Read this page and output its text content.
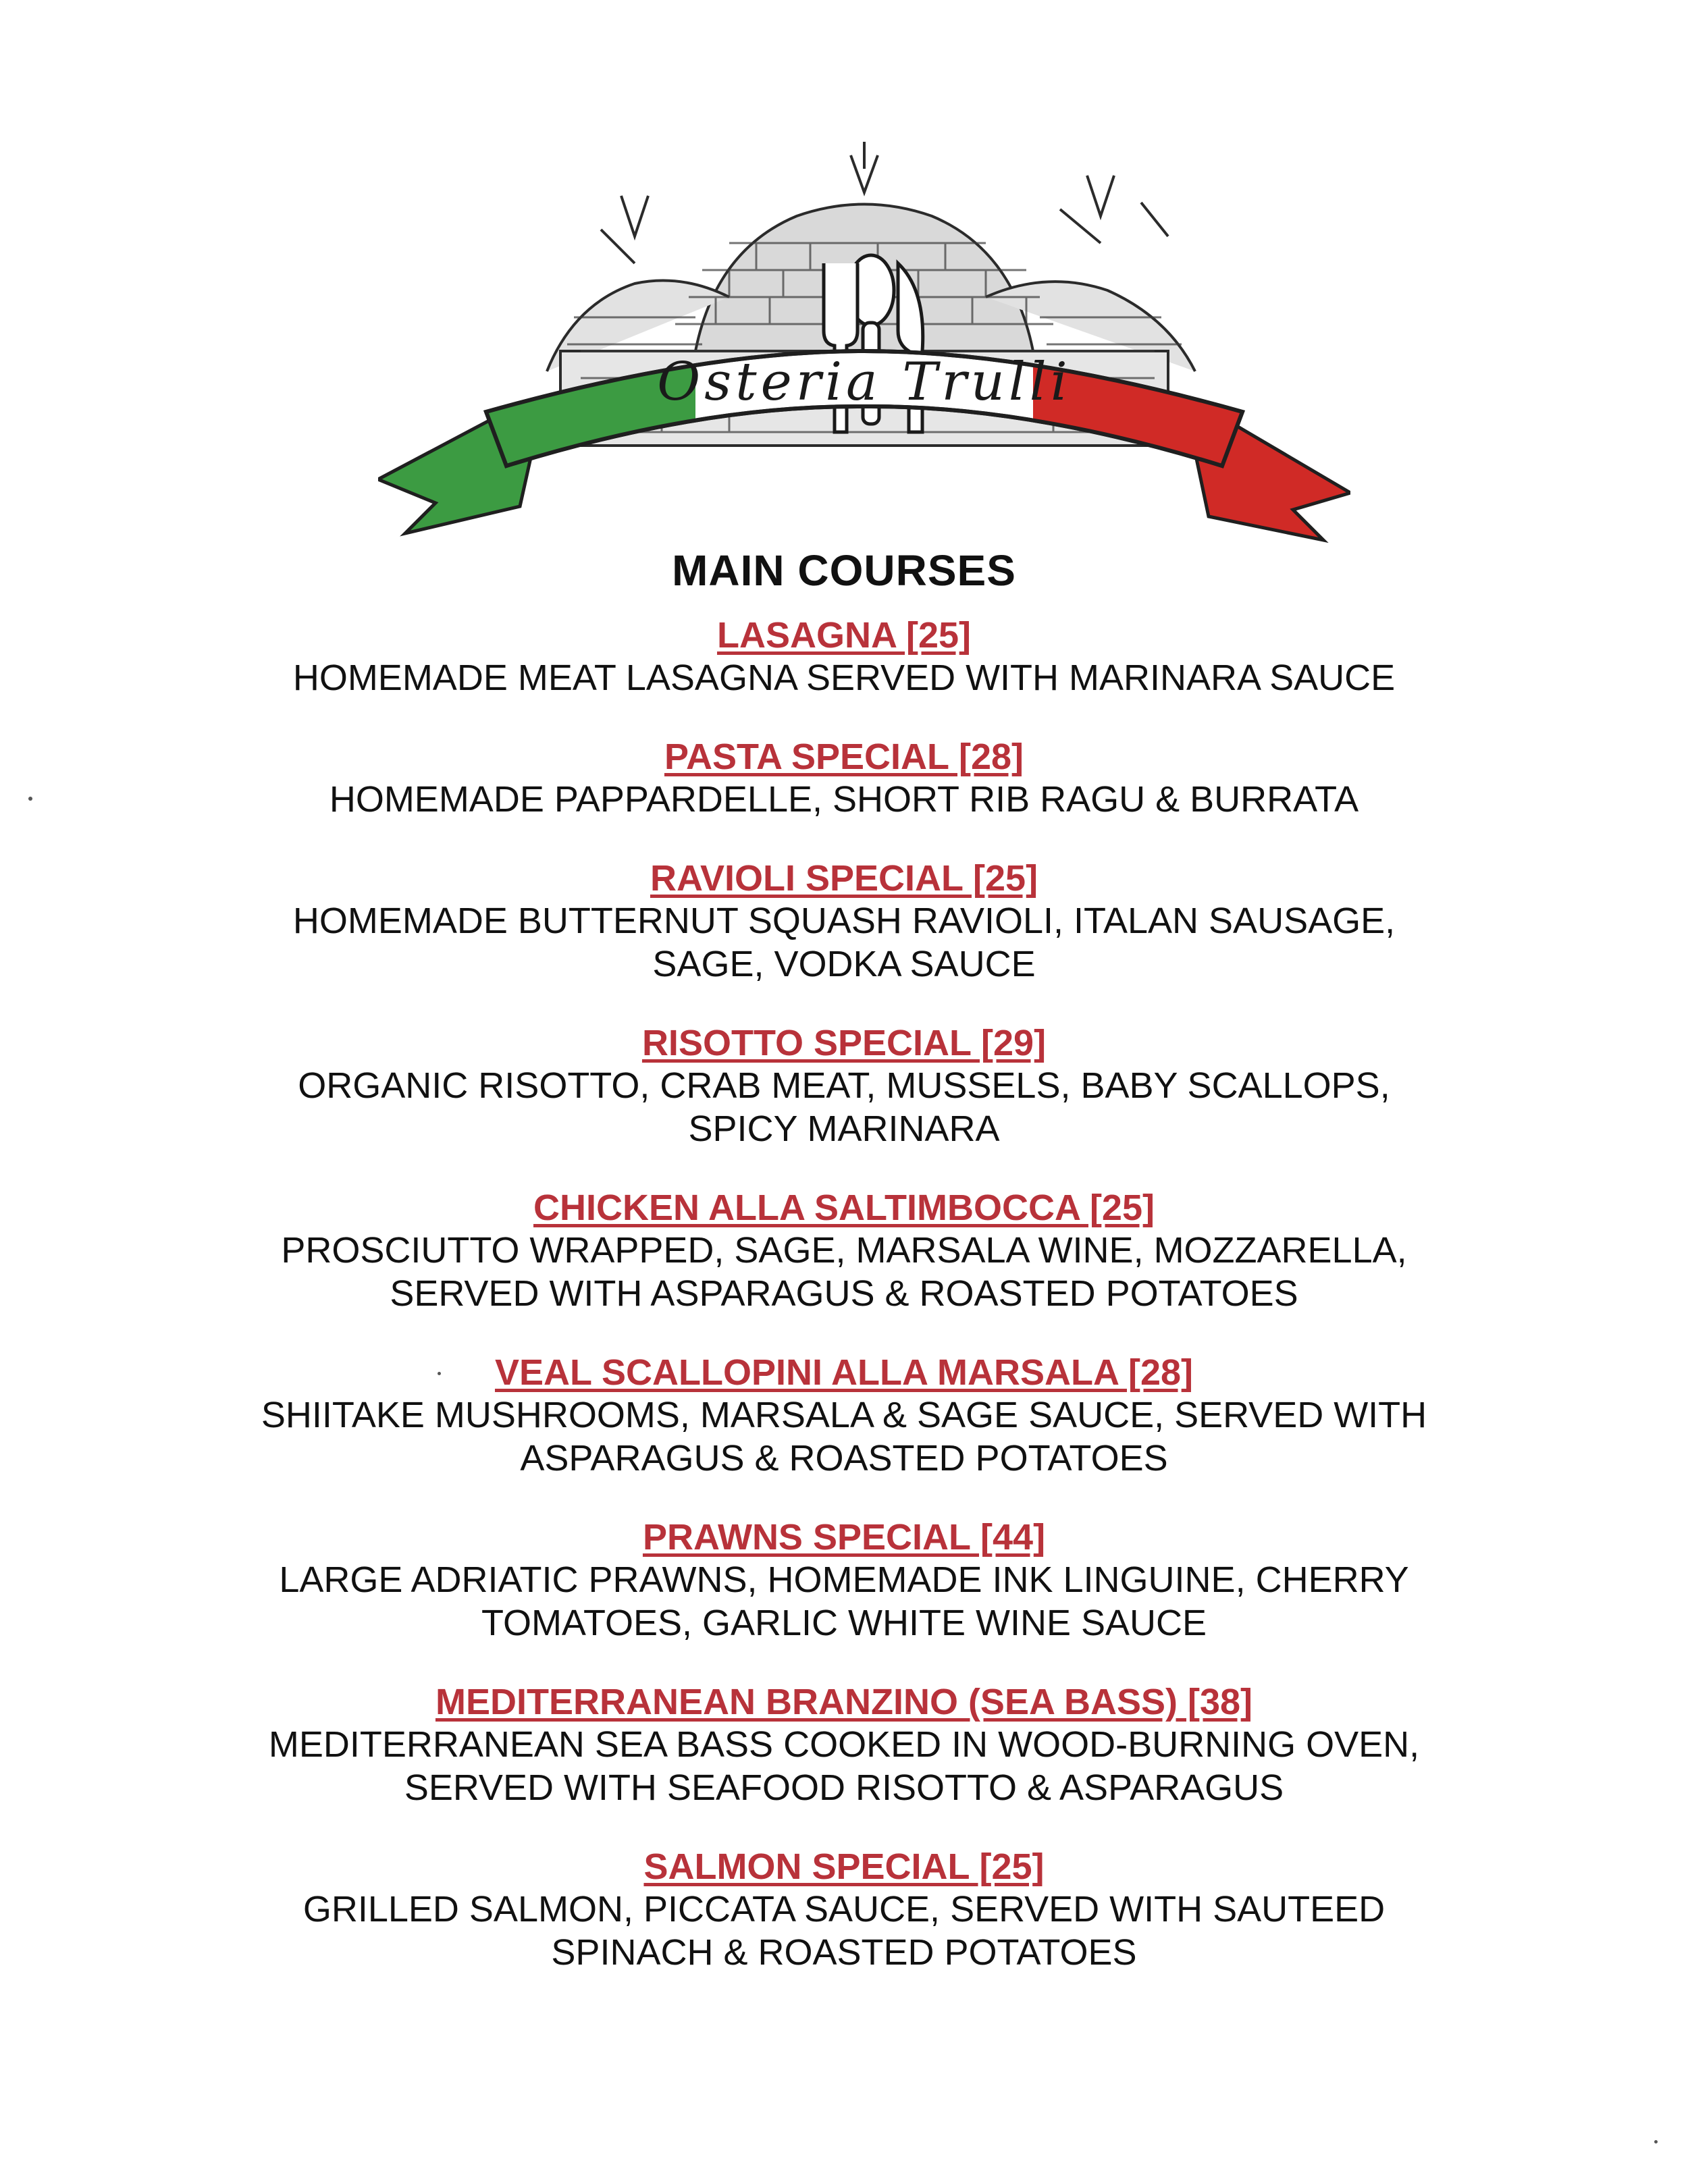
Osteria Trulli
MAIN COURSES
LASAGNA [25]
HOMEMADE MEAT LASAGNA SERVED WITH MARINARA SAUCE
PASTA SPECIAL [28]
HOMEMADE PAPPARDELLE, SHORT RIB RAGU & BURRATA
RAVIOLI SPECIAL [25]
HOMEMADE BUTTERNUT SQUASH RAVIOLI, ITALAN SAUSAGE,
SAGE, VODKA SAUCE
RISOTTO SPECIAL [29]
ORGANIC RISOTTO, CRAB MEAT, MUSSELS, BABY SCALLOPS,
SPICY MARINARA
CHICKEN ALLA SALTIMBOCCA [25]
PROSCIUTTO WRAPPED, SAGE, MARSALA WINE, MOZZARELLA,
SERVED WITH ASPARAGUS & ROASTED POTATOES
VEAL SCALLOPINI ALLA MARSALA [28]
SHIITAKE MUSHROOMS, MARSALA & SAGE SAUCE, SERVED WITH
ASPARAGUS & ROASTED POTATOES
PRAWNS SPECIAL [44]
LARGE ADRIATIC PRAWNS, HOMEMADE INK LINGUINE, CHERRY
TOMATOES, GARLIC WHITE WINE SAUCE
MEDITERRANEAN BRANZINO (SEA BASS) [38]
MEDITERRANEAN SEA BASS COOKED IN WOOD-BURNING OVEN,
SERVED WITH SEAFOOD RISOTTO & ASPARAGUS
SALMON SPECIAL [25]
GRILLED SALMON, PICCATA SAUCE, SERVED WITH SAUTEED
SPINACH & ROASTED POTATOES
